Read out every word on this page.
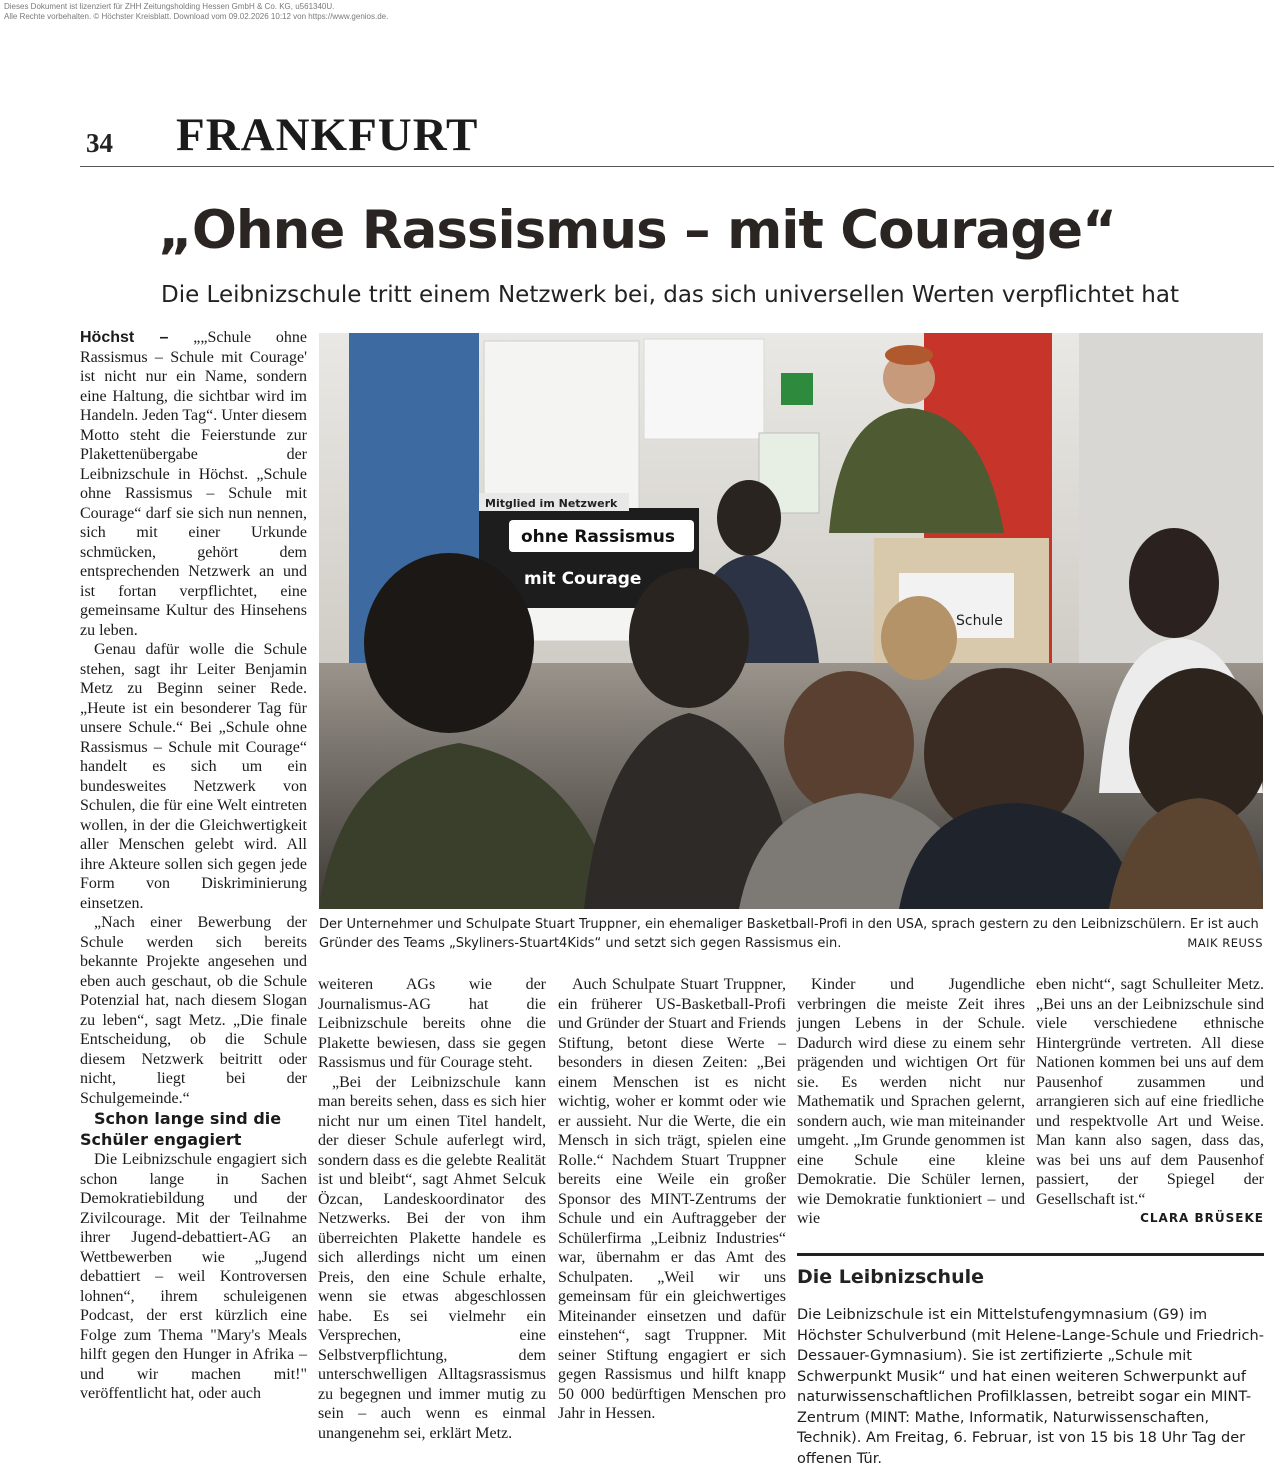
Dieses Dokument ist lizenziert für ZHH Zeitungsholding Hessen GmbH & Co. KG, u561340U.
Alle Rechte vorbehalten. © Höchster Kreisblatt. Download vom 09.02.2026 10:12 von https://www.genios.de.
34 FRANKFURT
„Ohne Rassismus – mit Courage“
Die Leibnizschule tritt einem Netzwerk bei, das sich universellen Werten verpflichtet hat

Höchst – „„Schule ohne Rassismus – Schule mit Courage' ist nicht nur ein Name, sondern eine Haltung, die sichtbar wird im Handeln. Jeden Tag“. Unter diesem Motto steht die Feierstunde zur Plakettenübergabe der Leibnizschule in Höchst. „Schule ohne Rassismus – Schule mit Courage“ darf sie sich nun nennen, sich mit einer Urkunde schmücken, gehört dem entsprechenden Netzwerk an und ist fortan verpflichtet, eine gemeinsame Kultur des Hinsehens zu leben.

Genau dafür wolle die Schule stehen, sagt ihr Leiter Benjamin Metz zu Beginn seiner Rede. „Heute ist ein besonderer Tag für unsere Schule.“ Bei „Schule ohne Rassismus – Schule mit Courage“ handelt es sich um ein bundesweites Netzwerk von Schulen, die für eine Welt eintreten wollen, in der die Gleichwertigkeit aller Menschen gelebt wird. All ihre Akteure sollen sich gegen jede Form von Diskriminierung einsetzen.

„Nach einer Bewerbung der Schule werden sich bereits bekannte Projekte angesehen und eben auch geschaut, ob die Schule Potenzial hat, nach diesem Slogan zu leben“, sagt Metz. „Die finale Entscheidung, ob die Schule diesem Netzwerk beitritt oder nicht, liegt bei der Schulgemeinde.“

Schon lange sind die Schüler engagiert

Die Leibnizschule engagiert sich schon lange in Sachen Demokratiebildung und der Zivilcourage. Mit der Teilnahme ihrer Jugend-debattiert-AG an Wettbewerben wie „Jugend debattiert – weil Kontroversen lohnen“, ihrem schuleigenen Podcast, der erst kürzlich eine Folge zum Thema "Mary's Meals hilft gegen den Hunger in Afrika – und wir machen mit!" veröffentlicht hat, oder auch

weiteren AGs wie der Journalismus-AG hat die Leibnizschule bereits ohne die Plakette bewiesen, dass sie gegen Rassismus und für Courage steht.

„Bei der Leibnizschule kann man bereits sehen, dass es sich hier nicht nur um einen Titel handelt, der dieser Schule auferlegt wird, sondern dass es die gelebte Realität ist und bleibt“, sagt Ahmet Selcuk Özcan, Landeskoordinator des Netzwerks. Bei der von ihm überreichten Plakette handele es sich allerdings nicht um einen Preis, den eine Schule erhalte, wenn sie etwas abgeschlossen habe. Es sei vielmehr ein Versprechen, eine Selbstverpflichtung, dem unterschwelligen Alltagsrassismus zu begegnen und immer mutig zu sein – auch wenn es einmal unangenehm sei, erklärt Metz.

Auch Schulpate Stuart Truppner, ein früherer US-Basketball-Profi und Gründer der Stuart and Friends Stiftung, betont diese Werte – besonders in diesen Zeiten: „Bei einem Menschen ist es nicht wichtig, woher er kommt oder wie er aussieht. Nur die Werte, die ein Mensch in sich trägt, spielen eine Rolle.“ Nachdem Stuart Truppner bereits eine Weile ein großer Sponsor des MINT-Zentrums der Schule und ein Auftraggeber der Schülerfirma „Leibniz Industries“ war, übernahm er das Amt des Schulpaten. „Weil wir uns gemeinsam für ein gleichwertiges Miteinander einsetzen und dafür einstehen“, sagt Truppner. Mit seiner Stiftung engagiert er sich gegen Rassismus und hilft knapp 50 000 bedürftigen Menschen pro Jahr in Hessen.

Kinder und Jugendliche verbringen die meiste Zeit ihres jungen Lebens in der Schule. Dadurch wird diese zu einem sehr prägenden und wichtigen Ort für sie. Es werden nicht nur Mathematik und Sprachen gelernt, sondern auch, wie man miteinander umgeht. „Im Grunde genommen ist eine Schule eine kleine Demokratie. Die Schüler lernen, wie Demokratie funktioniert – und wie

eben nicht“, sagt Schulleiter Metz. „Bei uns an der Leibnizschule sind viele verschiedene ethnische Hintergründe vertreten. All diese Nationen kommen bei uns auf dem Pausenhof zusammen und arrangieren sich auf eine friedliche und respektvolle Art und Weise. Man kann also sagen, dass das, was bei uns auf dem Pausenhof passiert, der Spiegel der Gesellschaft ist.“
CLARA BRÜSEKE

Mitglied im Netzwerk
ohne Rassismus
mit Courage
Schule
Der Unternehmer und Schulpate Stuart Truppner, ein ehemaliger Basketball-Profi in den USA, sprach gestern zu den Leibnizschülern. Er ist auch Gründer des Teams „Skyliners-Stuart4Kids“ und setzt sich gegen Rassismus ein.	MAIK REUSS
Die Leibnizschule
Die Leibnizschule ist ein Mittelstufengymnasium (G9) im Höchster Schulverbund (mit Helene-Lange-Schule und Friedrich-Dessauer-Gymnasium). Sie ist zertifizierte „Schule mit Schwerpunkt Musik“ und hat einen weiteren Schwerpunkt auf naturwissenschaftlichen Profilklassen, betreibt sogar ein MINT-Zentrum (MINT: Mathe, Informatik, Naturwissenschaften, Technik). Am Freitag, 6. Februar, ist von 15 bis 18 Uhr Tag der offenen Tür.
